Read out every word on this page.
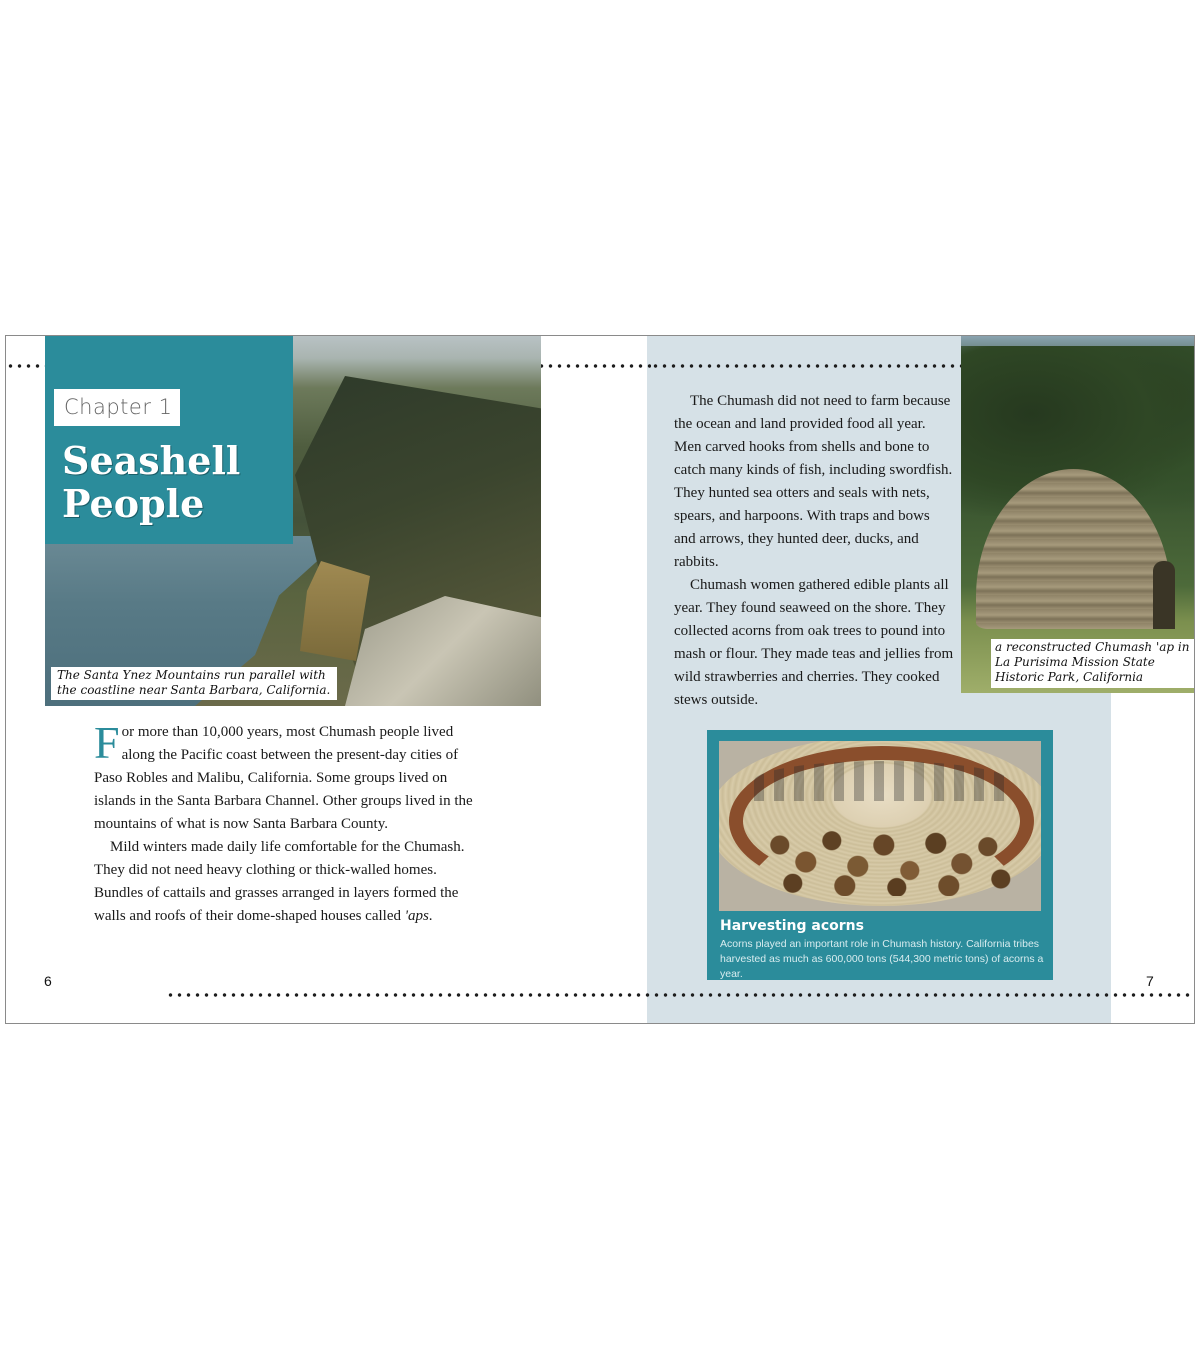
Chapter 1
Seashell
People
The Santa Ynez Mountains run parallel with the coastline near Santa Barbara, California.

For more than 10,000 years, most Chumash people lived along the Pacific coast between the present-day cities of Paso Robles and Malibu, California. Some groups lived on islands in the Santa Barbara Channel. Other groups lived in the mountains of what is now Santa Barbara County.

Mild winters made daily life comfortable for the Chumash. They did not need heavy clothing or thick-walled homes. Bundles of cattails and grasses arranged in layers formed the walls and roofs of their dome-shaped houses called 'aps.

6

The Chumash did not need to farm because the ocean and land provided food all year. Men carved hooks from shells and bone to catch many kinds of fish, including swordfish. They hunted sea otters and seals with nets, spears, and harpoons. With traps and bows and arrows, they hunted deer, ducks, and rabbits.

Chumash women gathered edible plants all year. They found seaweed on the shore. They collected acorns from oak trees to pound into mash or flour. They made teas and jellies from wild strawberries and cherries. They cooked stews outside.

a reconstructed Chumash 'ap in La Purisima Mission State Historic Park, California
Harvesting acorns
Acorns played an important role in Chumash history. California tribes harvested as much as 600,000 tons (544,300 metric tons) of acorns a year.	7
